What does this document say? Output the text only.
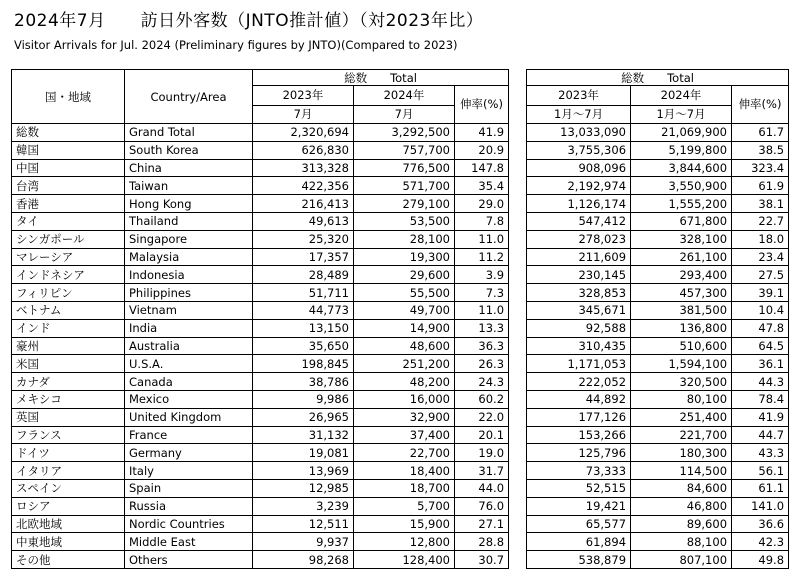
2024年7月　　訪日外客数（JNTO推計値）（対2023年比）
Visitor Arrivals for Jul. 2024 (Preliminary figures by JNTO)(Compared to 2023)
国・地域	Country/Area	総数　　Total				総数　　Total		
		2023年	2024年	伸率(%)		2023年	2024年	伸率(%)
		7月	7月			1月～7月	1月～7月	
総数	Grand Total	2,320,694	3,292,500	41.9		13,033,090	21,069,900	61.7
韓国	South Korea	626,830	757,700	20.9		3,755,306	5,199,800	38.5
中国	China	313,328	776,500	147.8		908,096	3,844,600	323.4
台湾	Taiwan	422,356	571,700	35.4		2,192,974	3,550,900	61.9
香港	Hong Kong	216,413	279,100	29.0		1,126,174	1,555,200	38.1
タイ	Thailand	49,613	53,500	7.8		547,412	671,800	22.7
シンガポール	Singapore	25,320	28,100	11.0		278,023	328,100	18.0
マレーシア	Malaysia	17,357	19,300	11.2		211,609	261,100	23.4
インドネシア	Indonesia	28,489	29,600	3.9		230,145	293,400	27.5
フィリピン	Philippines	51,711	55,500	7.3		328,853	457,300	39.1
ベトナム	Vietnam	44,773	49,700	11.0		345,671	381,500	10.4
インド	India	13,150	14,900	13.3		92,588	136,800	47.8
豪州	Australia	35,650	48,600	36.3		310,435	510,600	64.5
米国	U.S.A.	198,845	251,200	26.3		1,171,053	1,594,100	36.1
カナダ	Canada	38,786	48,200	24.3		222,052	320,500	44.3
メキシコ	Mexico	9,986	16,000	60.2		44,892	80,100	78.4
英国	United Kingdom	26,965	32,900	22.0		177,126	251,400	41.9
フランス	France	31,132	37,400	20.1		153,266	221,700	44.7
ドイツ	Germany	19,081	22,700	19.0		125,796	180,300	43.3
イタリア	Italy	13,969	18,400	31.7		73,333	114,500	56.1
スペイン	Spain	12,985	18,700	44.0		52,515	84,600	61.1
ロシア	Russia	3,239	5,700	76.0		19,421	46,800	141.0
北欧地域	Nordic Countries	12,511	15,900	27.1		65,577	89,600	36.6
中東地域	Middle East	9,937	12,800	28.8		61,894	88,100	42.3
その他	Others	98,268	128,400	30.7		538,879	807,100	49.8
